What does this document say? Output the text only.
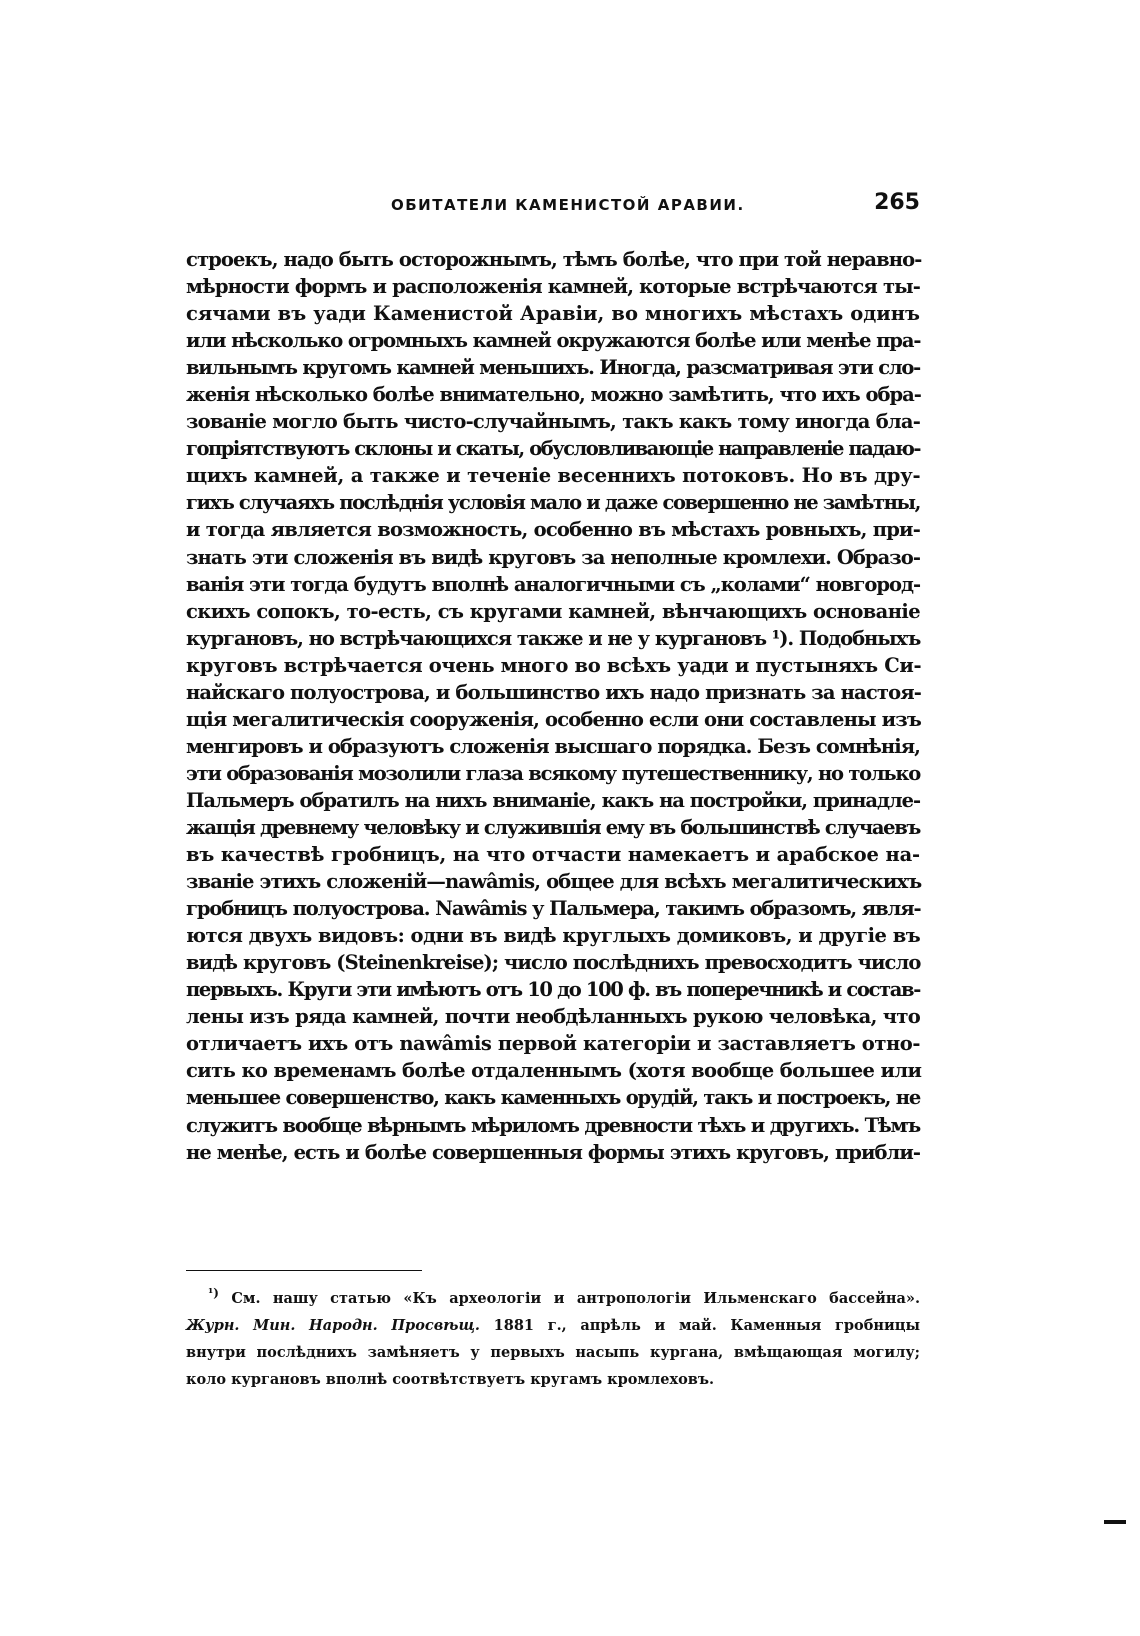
ОБИТАТЕЛИ КАМЕНИСТОЙ АРАВИИ.	265
строекъ, надо быть осторожнымъ, тѣмъ болѣе, что при той неравно-
мѣрности формъ и расположенія камней, которые встрѣчаются ты-
сячами въ уади Каменистой Аравіи, во многихъ мѣстахъ одинъ
или нѣсколько огромныхъ камней окружаются болѣе или менѣе пра-
вильнымъ кругомъ камней меньшихъ. Иногда, разсматривая эти сло-
женія нѣсколько болѣе внимательно, можно замѣтить, что ихъ обра-
зованіе могло быть чисто-случайнымъ, такъ какъ тому иногда бла-
гопріятствуютъ склоны и скаты, обусловливающіе направленіе падаю-
щихъ камней, а также и теченіе весеннихъ потоковъ. Но въ дру-
гихъ случаяхъ послѣднія условія мало и даже совершенно не замѣтны,
и тогда является возможность, особенно въ мѣстахъ ровныхъ, при-
знать эти сложенія въ видѣ круговъ за неполные кромлехи. Образо-
ванія эти тогда будутъ вполнѣ аналогичными съ „колами“ новгород-
скихъ сопокъ, то-есть, съ кругами камней, вѣнчающихъ основаніе
кургановъ, но встрѣчающихся также и не у кургановъ ¹). Подобныхъ
круговъ встрѣчается очень много во всѣхъ уади и пустыняхъ Си-
найскаго полуострова, и большинство ихъ надо признать за настоя-
щія мегалитическія сооруженія, особенно если они составлены изъ
менгировъ и образуютъ сложенія высшаго порядка. Безъ сомнѣнія,
эти образованія мозолили глаза всякому путешественнику, но только
Пальмеръ обратилъ на нихъ вниманіе, какъ на постройки, принадле-
жащія древнему человѣку и служившія ему въ большинствѣ случаевъ
въ качествѣ гробницъ, на что отчасти намекаетъ и арабское на-
званіе этихъ сложеній—nawâmis, общее для всѣхъ мегалитическихъ
гробницъ полуострова. Nawâmis у Пальмера, такимъ образомъ, явля-
ются двухъ видовъ: одни въ видѣ круглыхъ домиковъ, и другіе въ
видѣ круговъ (Steinenkreise); число послѣднихъ превосходитъ число
первыхъ. Круги эти имѣютъ отъ 10 до 100 ф. въ поперечникѣ и состав-
лены изъ ряда камней, почти необдѣланныхъ рукою человѣка, что
отличаетъ ихъ отъ nawâmis первой категоріи и заставляетъ отно-
сить ко временамъ болѣе отдаленнымъ (хотя вообще большее или
меньшее совершенство, какъ каменныхъ орудій, такъ и построекъ, не
служитъ вообще вѣрнымъ мѣриломъ древности тѣхъ и другихъ. Тѣмъ
не менѣе, есть и болѣе совершенныя формы этихъ круговъ, прибли-
$^{^1)}$ См. нашу статью «Къ археологіи и антропологіи Ильменскаго бассейна».
Журн. Мин. Народн. Просвѣщ. 1881 г., апрѣль и май. Каменныя гробницы
внутри послѣднихъ замѣняетъ у первыхъ насыпь кургана, вмѣщающая могилу;
коло кургановъ вполнѣ соотвѣтствуетъ кругамъ кромлеховъ.
